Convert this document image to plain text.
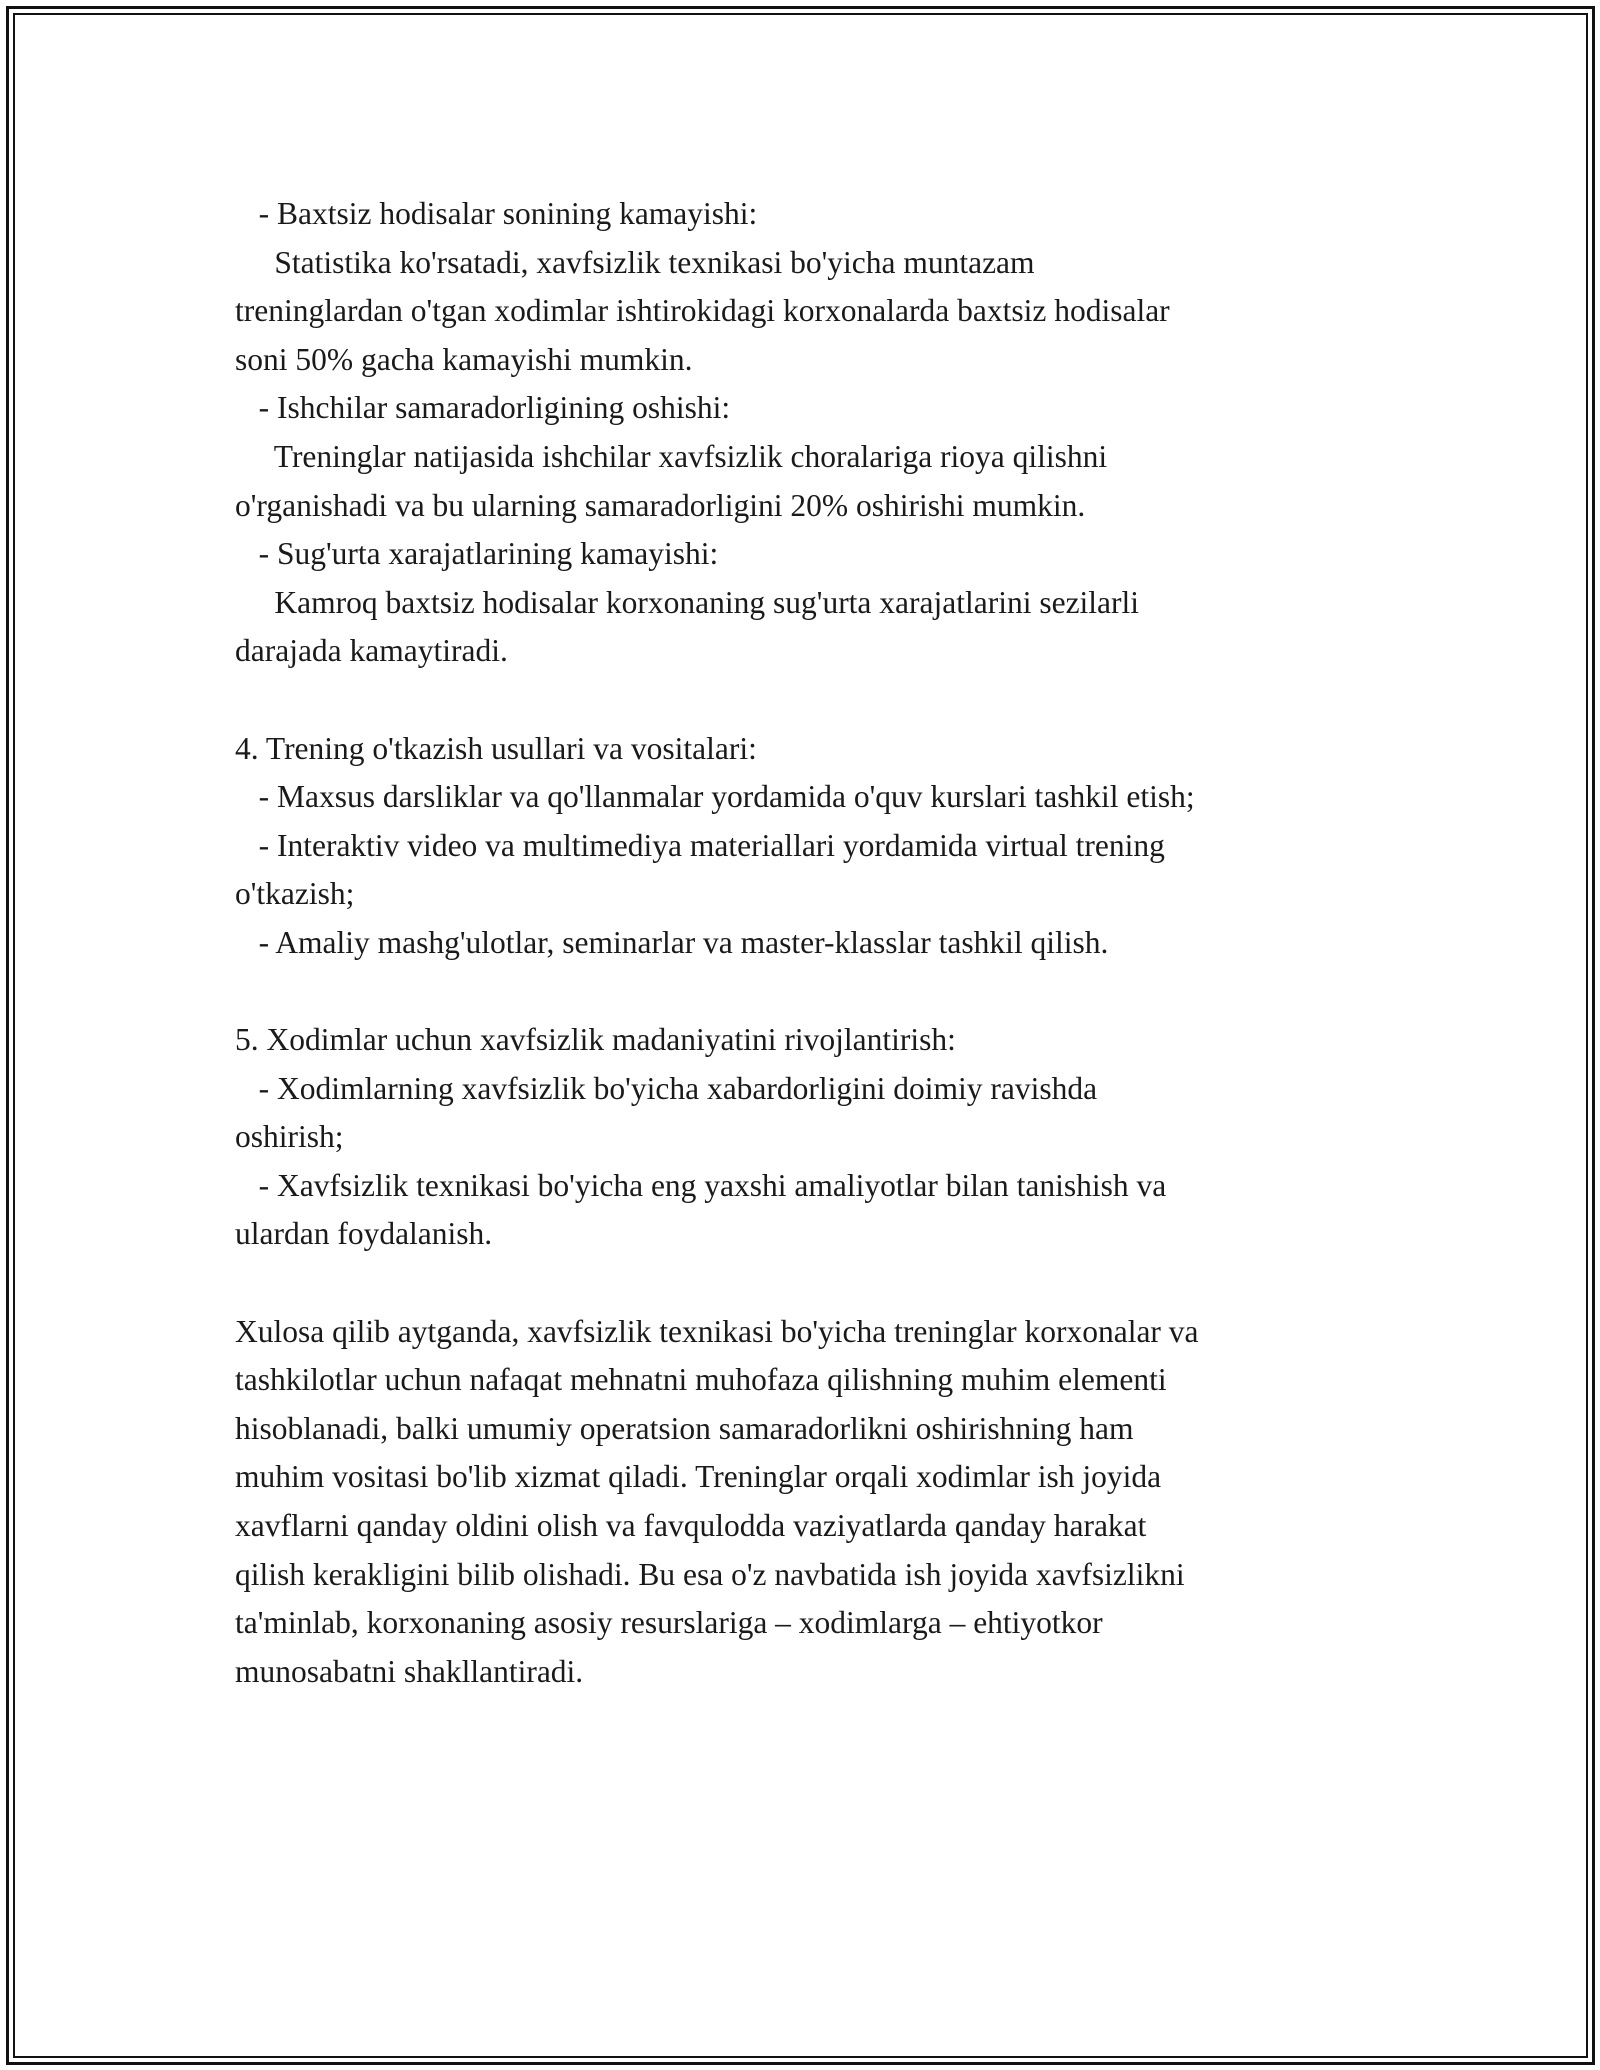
- Baxtsiz hodisalar sonining kamayishi:
Statistika ko'rsatadi, xavfsizlik texnikasi bo'yicha muntazam
treninglardan o'tgan xodimlar ishtirokidagi korxonalarda baxtsiz hodisalar
soni 50% gacha kamayishi mumkin.
- Ishchilar samaradorligining oshishi:
Treninglar natijasida ishchilar xavfsizlik choralariga rioya qilishni
o'rganishadi va bu ularning samaradorligini 20% oshirishi mumkin.
- Sug'urta xarajatlarining kamayishi:
Kamroq baxtsiz hodisalar korxonaning sug'urta xarajatlarini sezilarli
darajada kamaytiradi.
4. Trening o'tkazish usullari va vositalari:
- Maxsus darsliklar va qo'llanmalar yordamida o'quv kurslari tashkil etish;
- Interaktiv video va multimediya materiallari yordamida virtual trening
o'tkazish;
- Amaliy mashg'ulotlar, seminarlar va master-klasslar tashkil qilish.
5. Xodimlar uchun xavfsizlik madaniyatini rivojlantirish:
- Xodimlarning xavfsizlik bo'yicha xabardorligini doimiy ravishda
oshirish;
- Xavfsizlik texnikasi bo'yicha eng yaxshi amaliyotlar bilan tanishish va
ulardan foydalanish.
Xulosa qilib aytganda, xavfsizlik texnikasi bo'yicha treninglar korxonalar va
tashkilotlar uchun nafaqat mehnatni muhofaza qilishning muhim elementi
hisoblanadi, balki umumiy operatsion samaradorlikni oshirishning ham
muhim vositasi bo'lib xizmat qiladi. Treninglar orqali xodimlar ish joyida
xavflarni qanday oldini olish va favqulodda vaziyatlarda qanday harakat
qilish kerakligini bilib olishadi. Bu esa o'z navbatida ish joyida xavfsizlikni
ta'minlab, korxonaning asosiy resurslariga – xodimlarga – ehtiyotkor
munosabatni shakllantiradi.
